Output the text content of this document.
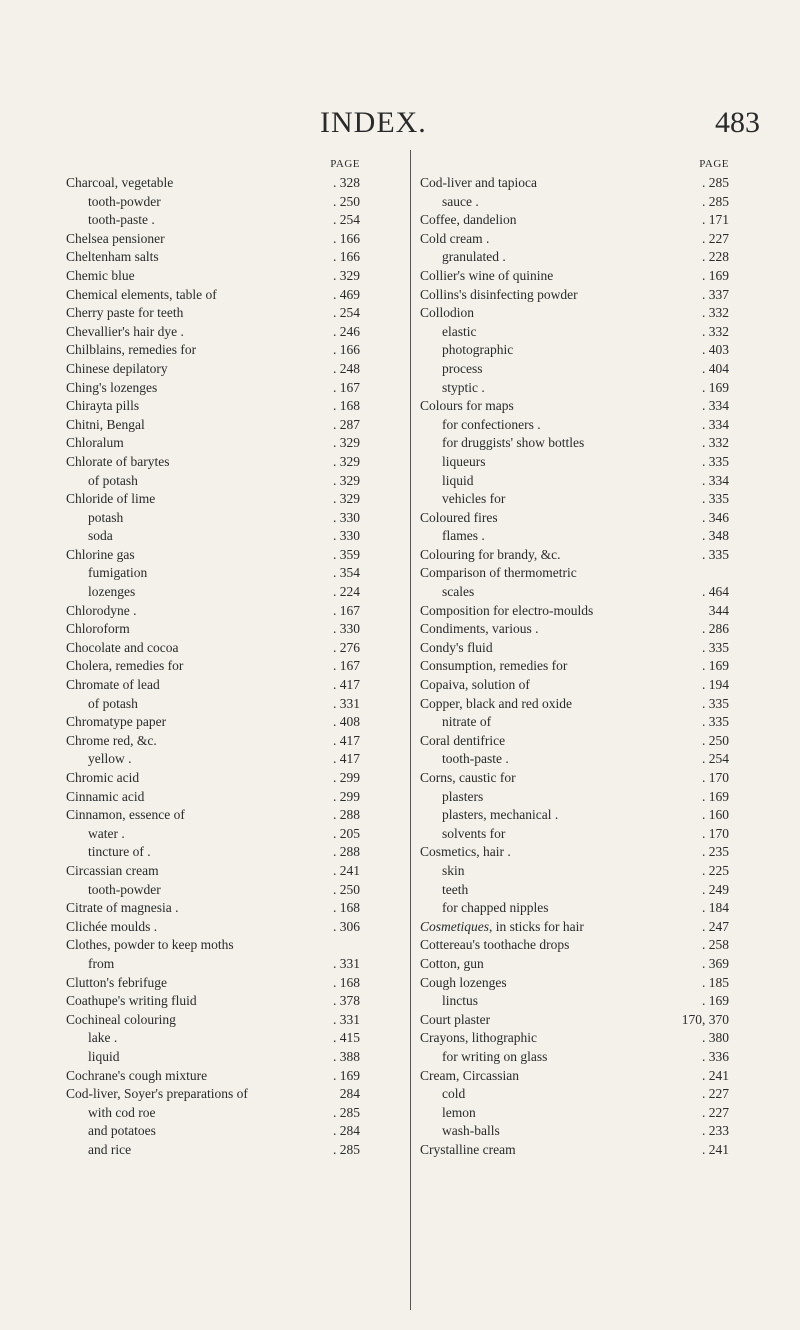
INDEX.	483
PAGE
Charcoal, vegetable	. 328
tooth-powder	. 250
tooth-paste .	. 254
Chelsea pensioner	. 166
Cheltenham salts	. 166
Chemic blue	. 329
Chemical elements, table of	. 469
Cherry paste for teeth	. 254
Chevallier's hair dye .	. 246
Chilblains, remedies for	. 166
Chinese depilatory	. 248
Ching's lozenges	. 167
Chirayta pills	. 168
Chitni, Bengal	. 287
Chloralum	. 329
Chlorate of barytes	. 329
of potash	. 329
Chloride of lime	. 329
potash	. 330
soda	. 330
Chlorine gas	. 359
fumigation	. 354
lozenges	. 224
Chlorodyne .	. 167
Chloroform	. 330
Chocolate and cocoa	. 276
Cholera, remedies for	. 167
Chromate of lead	. 417
of potash	. 331
Chromatype paper	. 408
Chrome red, &c.	. 417
yellow .	. 417
Chromic acid	. 299
Cinnamic acid	. 299
Cinnamon, essence of	. 288
water .	. 205
tincture of .	. 288
Circassian cream	. 241
tooth-powder	. 250
Citrate of magnesia .	. 168
Clichée moulds .	. 306
Clothes, powder to keep moths
from	. 331
Clutton's febrifuge	. 168
Coathupe's writing fluid	. 378
Cochineal colouring	. 331
lake .	. 415
liquid	. 388
Cochrane's cough mixture	. 169
Cod-liver, Soyer's preparations of	284
with cod roe	. 285
and potatoes	. 284
and rice	. 285
PAGE
Cod-liver and tapioca	. 285
sauce .	. 285
Coffee, dandelion	. 171
Cold cream .	. 227
granulated .	. 228
Collier's wine of quinine	. 169
Collins's disinfecting powder	. 337
Collodion	. 332
elastic	. 332
photographic	. 403
process	. 404
styptic .	. 169
Colours for maps	. 334
for confectioners .	. 334
for druggists' show bottles	. 332
liqueurs	. 335
liquid	. 334
vehicles for	. 335
Coloured fires	. 346
flames .	. 348
Colouring for brandy, &c.	. 335
Comparison of thermometric
scales	. 464
Composition for electro-moulds	344
Condiments, various .	. 286
Condy's fluid	. 335
Consumption, remedies for	. 169
Copaiva, solution of	. 194
Copper, black and red oxide	. 335
nitrate of	. 335
Coral dentifrice	. 250
tooth-paste .	. 254
Corns, caustic for	. 170
plasters	. 169
plasters, mechanical .	. 160
solvents for	. 170
Cosmetics, hair .	. 235
skin	. 225
teeth	. 249
for chapped nipples	. 184
Cosmetiques, in sticks for hair	. 247
Cottereau's toothache drops	. 258
Cotton, gun	. 369
Cough lozenges	. 185
linctus	. 169
Court plaster	170, 370
Crayons, lithographic	. 380
for writing on glass	. 336
Cream, Circassian	. 241
cold	. 227
lemon	. 227
wash-balls	. 233
Crystalline cream	. 241
